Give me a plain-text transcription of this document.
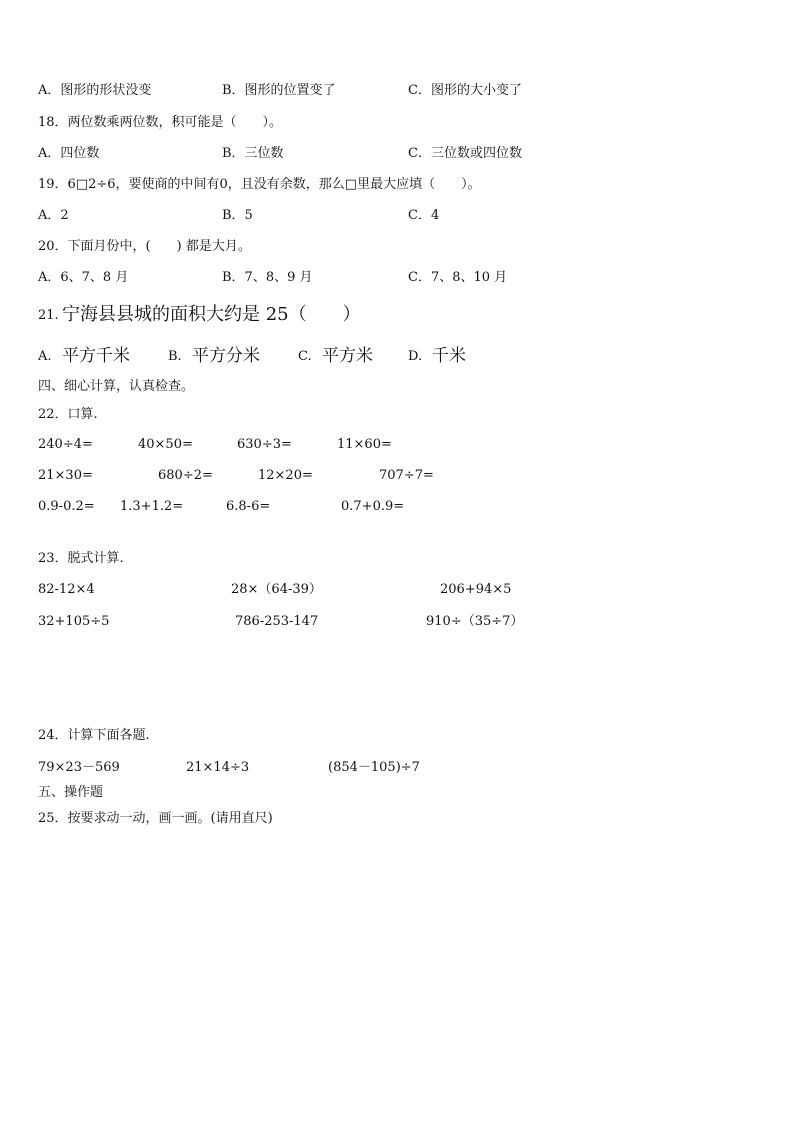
A．图形的形状没变	B．图形的位置变了	C．图形的大小变了
18．两位数乘两位数，积可能是（　　）。
A．四位数	B．三位数	C．三位数或四位数
19．6□2÷6，要使商的中间有0，且没有余数，那么□里最大应填（　　）。
A．2	B．5	C．4
20．下面月份中，(　　) 都是大月。
A．6、7、8 月	B．7、8、9 月	C．7、8、10 月
21. 宁海县县城的面积大约是 25（　　）
A. 平方千米	B. 平方分米	C. 平方米	D. 千米
四、细心计算，认真检查。
22．口算.
240÷4=	40×50=	630÷3=	11×60=
21×30=	680÷2=	12×20=	707÷7=
0.9-0.2= 1.3+1.2=	6.8-6=	0.7+0.9=
23．脱式计算.
82-12×4	28×（64-39）	206+94×5
32+105÷5	786-253-147	910÷（35÷7）
24．计算下面各题.
79×23－569	21×14÷3	(854－105)÷7
五、操作题
25．按要求动一动，画一画。(请用直尺)
